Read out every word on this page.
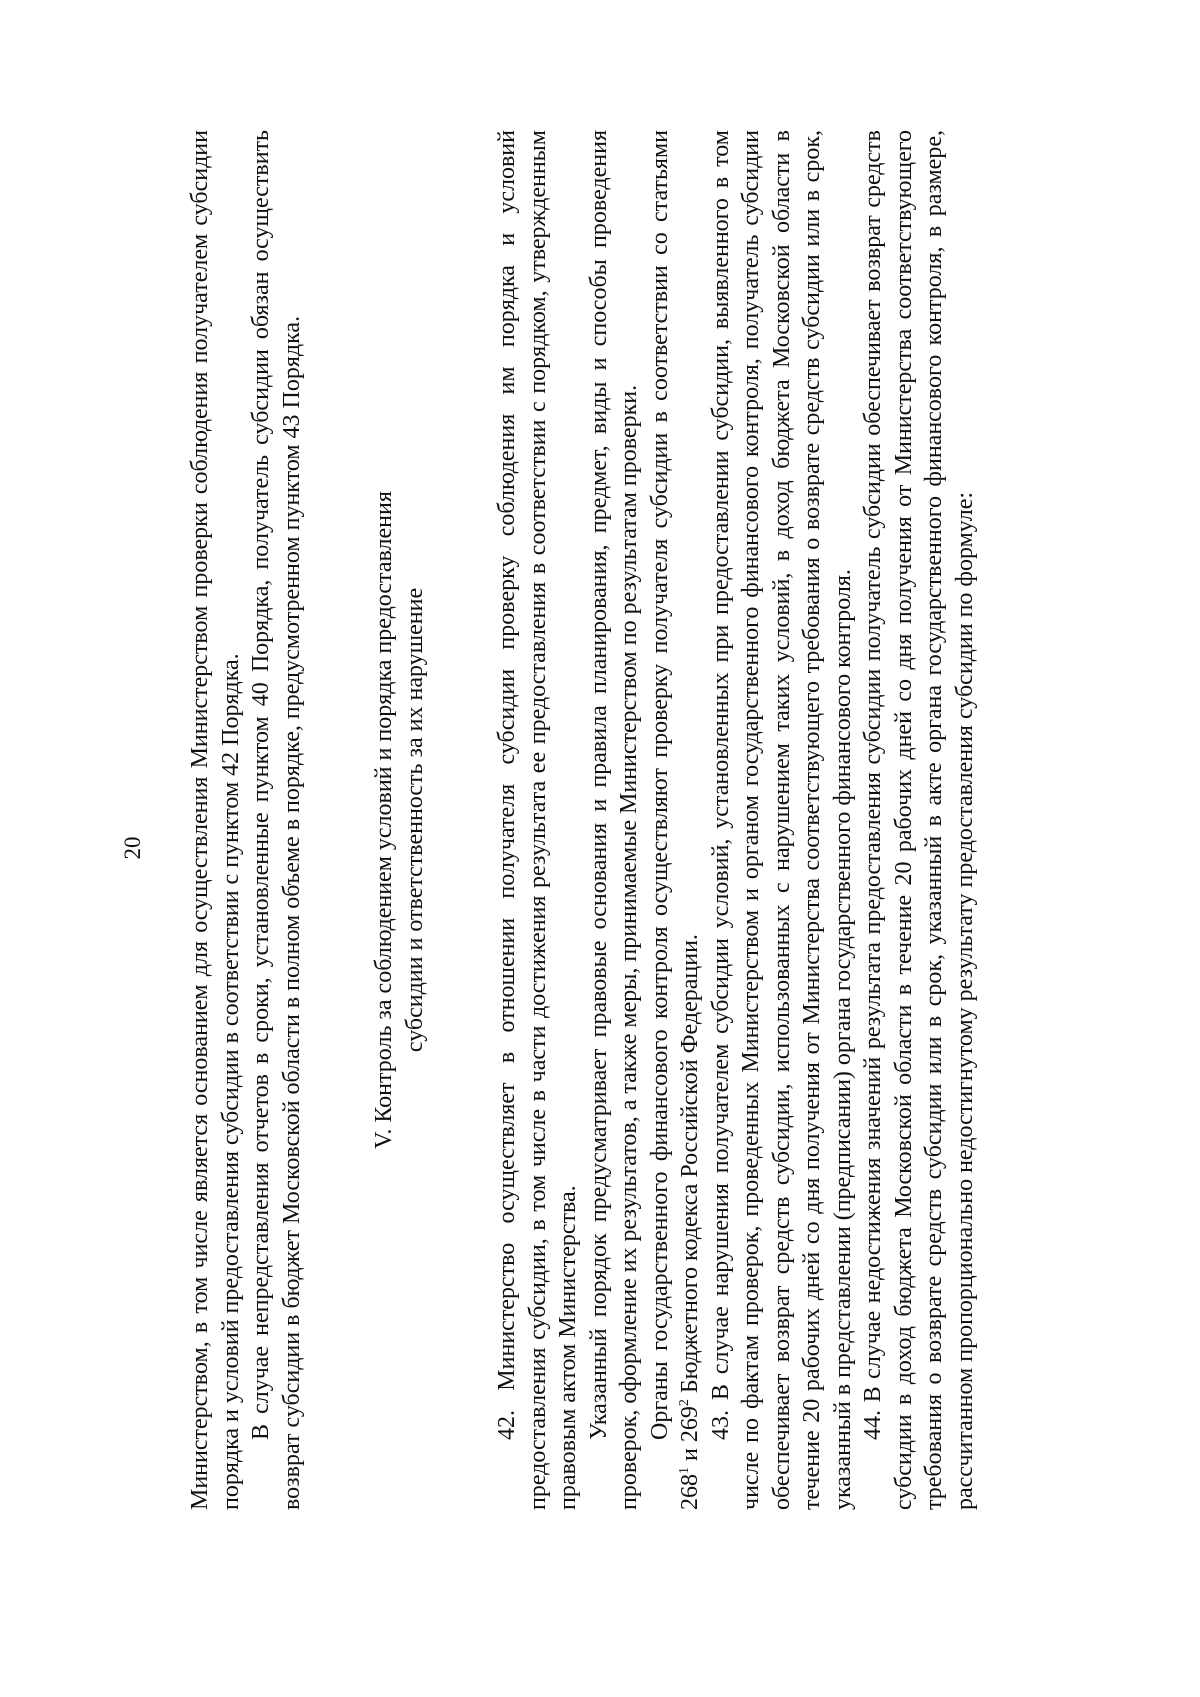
20 Министерством, в том числе является основанием для осуществления Министерством проверки соблюдения получателем субсидии порядка и условий предоставления субсидии в соответствии с пунктом 42 Порядка. В случае непредставления отчетов в сроки, установленные пунктом 40 Порядка, получатель субсидии обязан осуществить возврат субсидии в бюджет Московской области в полном объеме в порядке, предусмотренном пунктом 43 Порядка.	V. Контроль за соблюдением условий и порядка предоставления субсидии и ответственность за их нарушение	42. Министерство осуществляет в отношении получателя субсидии проверку соблюдения им порядка и условий предоставления субсидии, в том числе в части достижения результата ее предоставления в соответствии с порядком, утвержденным правовым актом Министерства. Указанный порядок предусматривает правовые основания и правила планирования, предмет, виды и способы проведения проверок, оформление их результатов, а также меры, принимаемые Министерством по результатам проверки. Органы государственного финансового контроля осуществляют проверку получателя субсидии в соответствии со статьями $268^1$ и $269^2$ Бюджетного кодекса Российской Федерации. 43. В случае нарушения получателем субсидии условий, установленных при предоставлении субсидии, выявленного в том числе по фактам проверок, проведенных Министерством и органом государственного финансового контроля, получатель субсидии обеспечивает возврат средств субсидии, использованных с нарушением таких условий, в доход бюджета Московской области в течение 20 рабочих дней со дня получения от Министерства соответствующего требования о возврате средств субсидии или в срок, указанный в представлении (предписании) органа государственного финансового контроля. 44. В случае недостижения значений результата предоставления субсидии получатель субсидии обеспечивает возврат средств субсидии в доход бюджета Московской области в течение 20 рабочих дней со дня получения от Министерства соответствующего требования о возврате средств субсидии или в срок, указанный в акте органа государственного финансового контроля, в размере, рассчитанном пропорционально недостигнутому результату предоставления субсидии по формуле:
